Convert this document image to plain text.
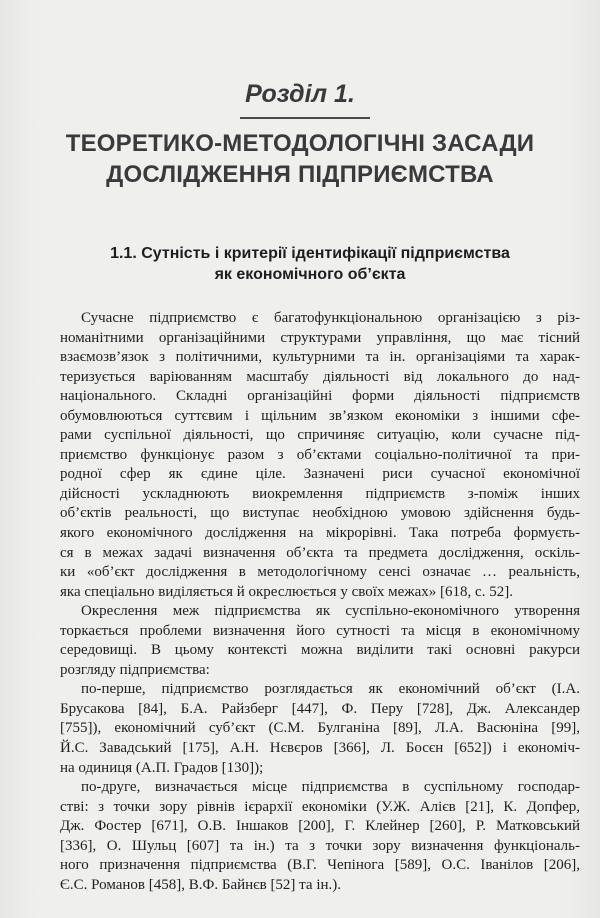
Розділ 1.
ТЕОРЕТИКО-МЕТОДОЛОГІЧНІ ЗАСАДИ
ДОСЛІДЖЕННЯ ПІДПРИЄМСТВА
1.1. Сутність і критерії ідентифікації підприємства
як економічного об’єкта
Сучасне підприємство є багатофункціональною організацією з різ-
номанітними організаційними структурами управління, що має тісний
взаємозв’язок з політичними, культурними та ін. організаціями та харак-
теризується варіюванням масштабу діяльності від локального до над-
національного. Складні організаційні форми діяльності підприємств
обумовлюються суттєвим і щільним зв’язком економіки з іншими сфе-
рами суспільної діяльності, що спричиняє ситуацію, коли сучасне під-
приємство функціонує разом з об’єктами соціально-політичної та при-
родної сфер як єдине ціле. Зазначені риси сучасної економічної
дійсності ускладнюють виокремлення підприємств з-поміж інших
об’єктів реальності, що виступає необхідною умовою здійснення будь-
якого економічного дослідження на мікрорівні. Така потреба формуєть-
ся в межах задачі визначення об’єкта та предмета дослідження, оскіль-
ки «об’єкт дослідження в методологічному сенсі означає … реальність,
яка спеціально виділяється й окреслюється у своїх межах» [618, с. 52].
Окреслення меж підприємства як суспільно-економічного утворення
торкається проблеми визначення його сутності та місця в економічному
середовищі. В цьому контексті можна виділити такі основні ракурси
розгляду підприємства:
по-перше, підприємство розглядається як економічний об’єкт (І.А.
Брусакова [84], Б.А. Райзберг [447], Ф. Перу [728], Дж. Александер
[755]), економічний суб’єкт (С.М. Булганіна [89], Л.А. Васюніна [99],
Й.С. Завадський [175], А.Н. Нєвєров [366], Л. Босєн [652]) і економіч-
на одиниця (А.П. Градов [130]);
по-друге, визначається місце підприємства в суспільному господар-
стві: з точки зору рівнів ієрархії економіки (У.Ж. Алієв [21], К. Допфер,
Дж. Фостер [671], О.В. Іншаков [200], Г. Клейнер [260], Р. Матковський
[336], О. Шульц [607] та ін.) та з точки зору визначення функціональ-
ного призначення підприємства (В.Г. Чепінога [589], О.С. Іванілов [206],
Є.С. Романов [458], В.Ф. Байнєв [52] та ін.).
